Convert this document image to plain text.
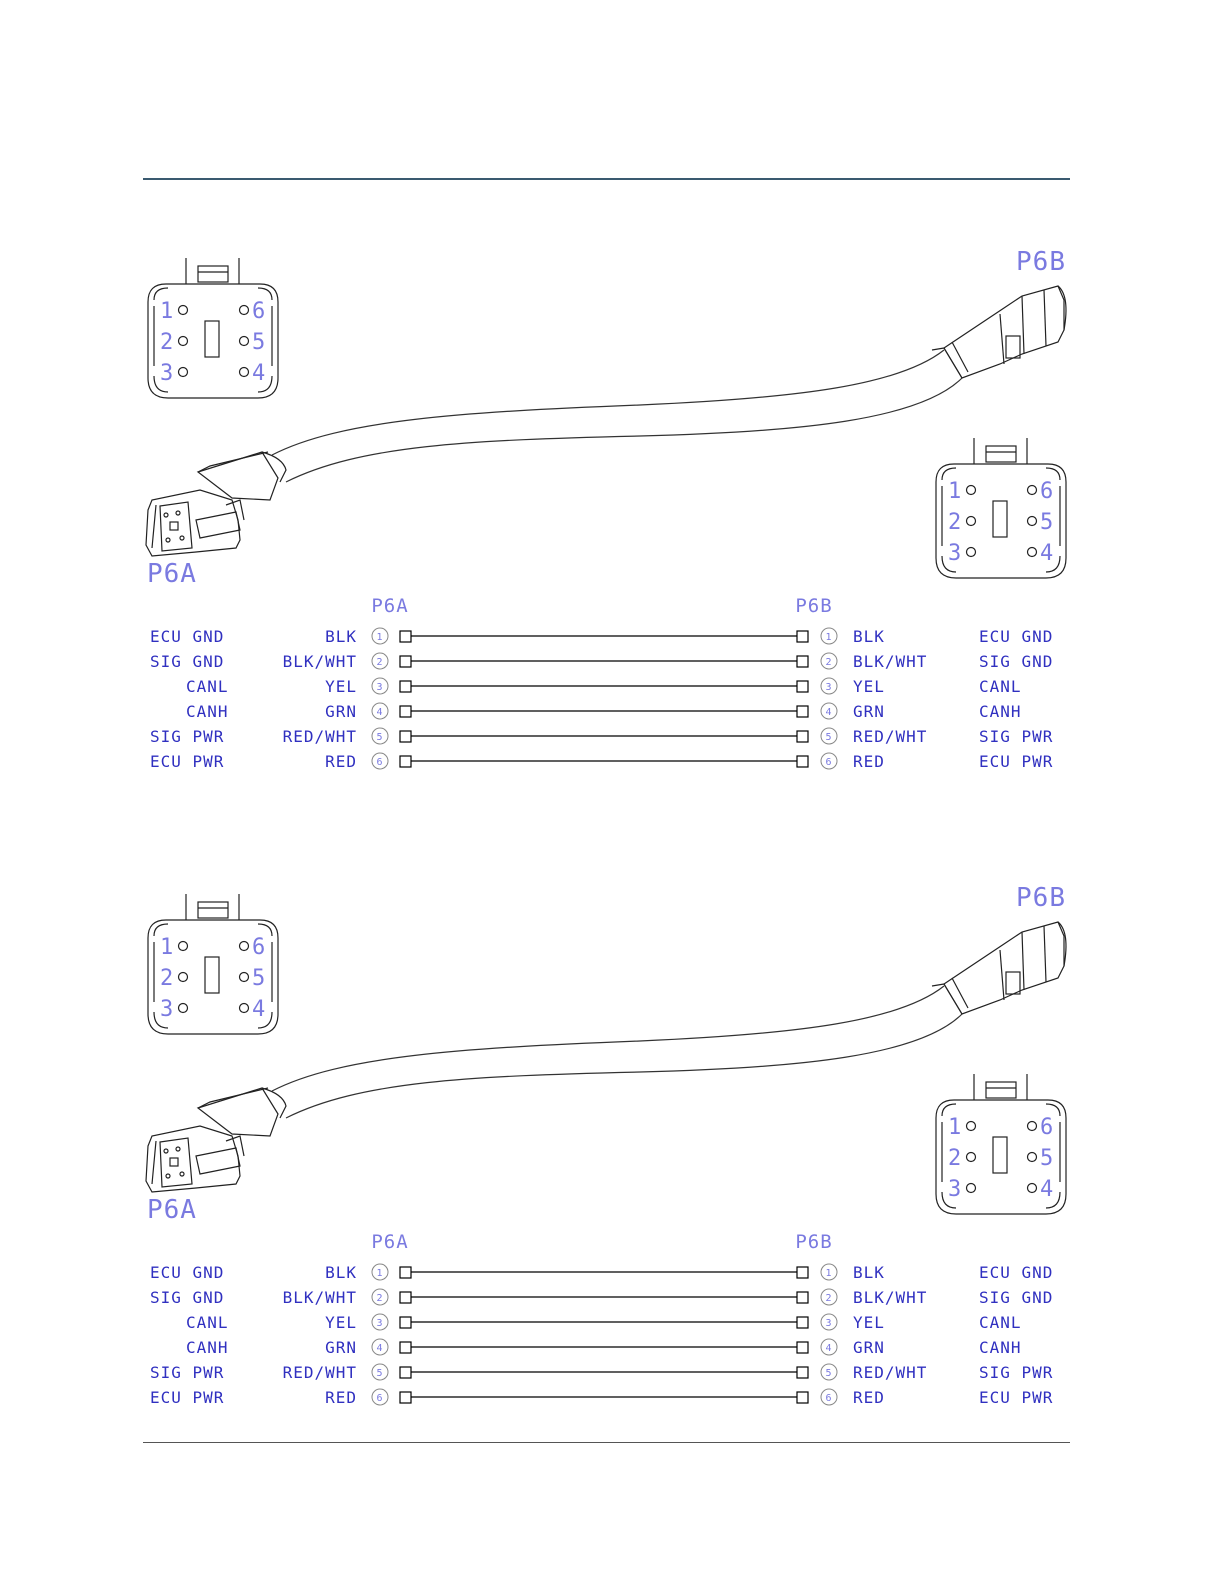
1	6
2	5
3	4
1	6
2	5
3	4
P6A
P6B
P6A	P6B
ECU GND	BLK 1	1 BLK	ECU GND
SIG GND	BLK/WHT 2	2 BLK/WHT	SIG GND
CANL	YEL 3	3 YEL	CANL
CANH	GRN 4	4 GRN	CANH
SIG PWR	RED/WHT 5	5 RED/WHT	SIG PWR
ECU PWR	RED 6	6 RED	ECU PWR
1	6
2	5
3	4
1	6
2	5
3	4
P6A
P6B
P6A	P6B
ECU GND	BLK 1	1 BLK	ECU GND
SIG GND	BLK/WHT 2	2 BLK/WHT	SIG GND
CANL	YEL 3	3 YEL	CANL
CANH	GRN 4	4 GRN	CANH
SIG PWR	RED/WHT 5	5 RED/WHT	SIG PWR
ECU PWR	RED 6	6 RED	ECU PWR
